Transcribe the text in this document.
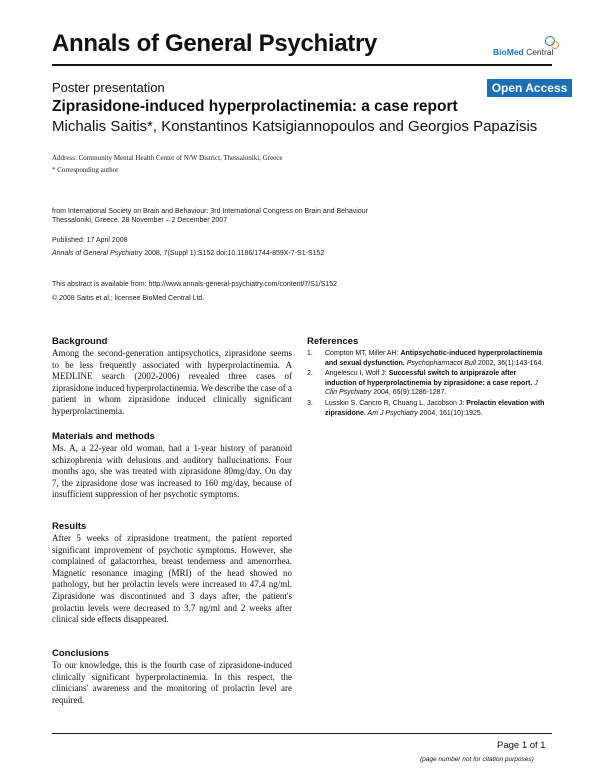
Annals of General Psychiatry	BioMed Central
Poster presentation	Open Access
Ziprasidone-induced hyperprolactinemia: a case report
Michalis Saitis*, Konstantinos Katsigiannopoulos and Georgios Papazisis
Address: Community Mental Health Center of N/W District, Thessaloniki, Greece
* Corresponding author
from International Society on Brain and Behaviour: 3rd International Congress on Brain and Behaviour
Thessaloniki, Greece. 28 November – 2 December 2007
Published: 17 April 2008
Annals of General Psychiatry 2008, 7(Suppl 1):S152 doi:10.1186/1744-859X-7-S1-S152
This abstract is available from: http://www.annals-general-psychiatry.com/content/7/S1/S152
© 2008 Saitis et al.; licensee BioMed Central Ltd.
Background
Among the second-generation antipsychotics, ziprasidone seems to be less frequently associated with hyperprolactinemia. A MEDLINE search (2002-2006) revealed three cases of ziprasidone induced hyperprolactinemia. We describe the case of a patient in whom ziprasidone induced clinically significant hyperprolactinemia.
Materials and methods
Ms. A, a 22-year old woman, had a 1-year history of paranoid schizophrenia with delusions and auditory hallucinations. Four months ago, she was treated with ziprasidone 80mg/day. On day 7, the ziprasidone dose was increased to 160 mg/day, because of insufficient suppression of her psychotic symptoms.
Results
After 5 weeks of ziprasidone treatment, the patient reported significant improvement of psychotic symptoms. However, she complained of galactorrhea, breast tenderness and amenorrhea. Magnetic resonance imaging (MRI) of the head showed no pathology, but her prolactin levels were increased to 47.4 ng/ml. Ziprasidone was discontinued and 3 days after, the patient's prolactin levels were decreased to 3.7 ng/ml and 2 weeks after clinical side effects disappeared.
Conclusions
To our knowledge, this is the fourth case of ziprasidone-induced clinically significant hyperprolactinemia. In this respect, the clinicians' awareness and the monitoring of prolactin level are required.
References
1. Compton MT, Miller AH: Antipsychotic-induced hyperprolactinemia and sexual dysfunction. Psychopharmacol Bull 2002, 36(1):143-164.
2. Angelescu I, Wolf J: Successful switch to aripiprazole after induction of hyperprolactinemia by ziprasidone: a case report. J Clin Psychiatry 2004, 65(9):1286-1287.
3. Lusskin S, Cancro R, Chuang L, Jacobson J: Prolactin elevation with ziprasidone. Am J Psychiatry 2004, 161(10):1925.
Page 1 of 1
(page number not for citation purposes)
